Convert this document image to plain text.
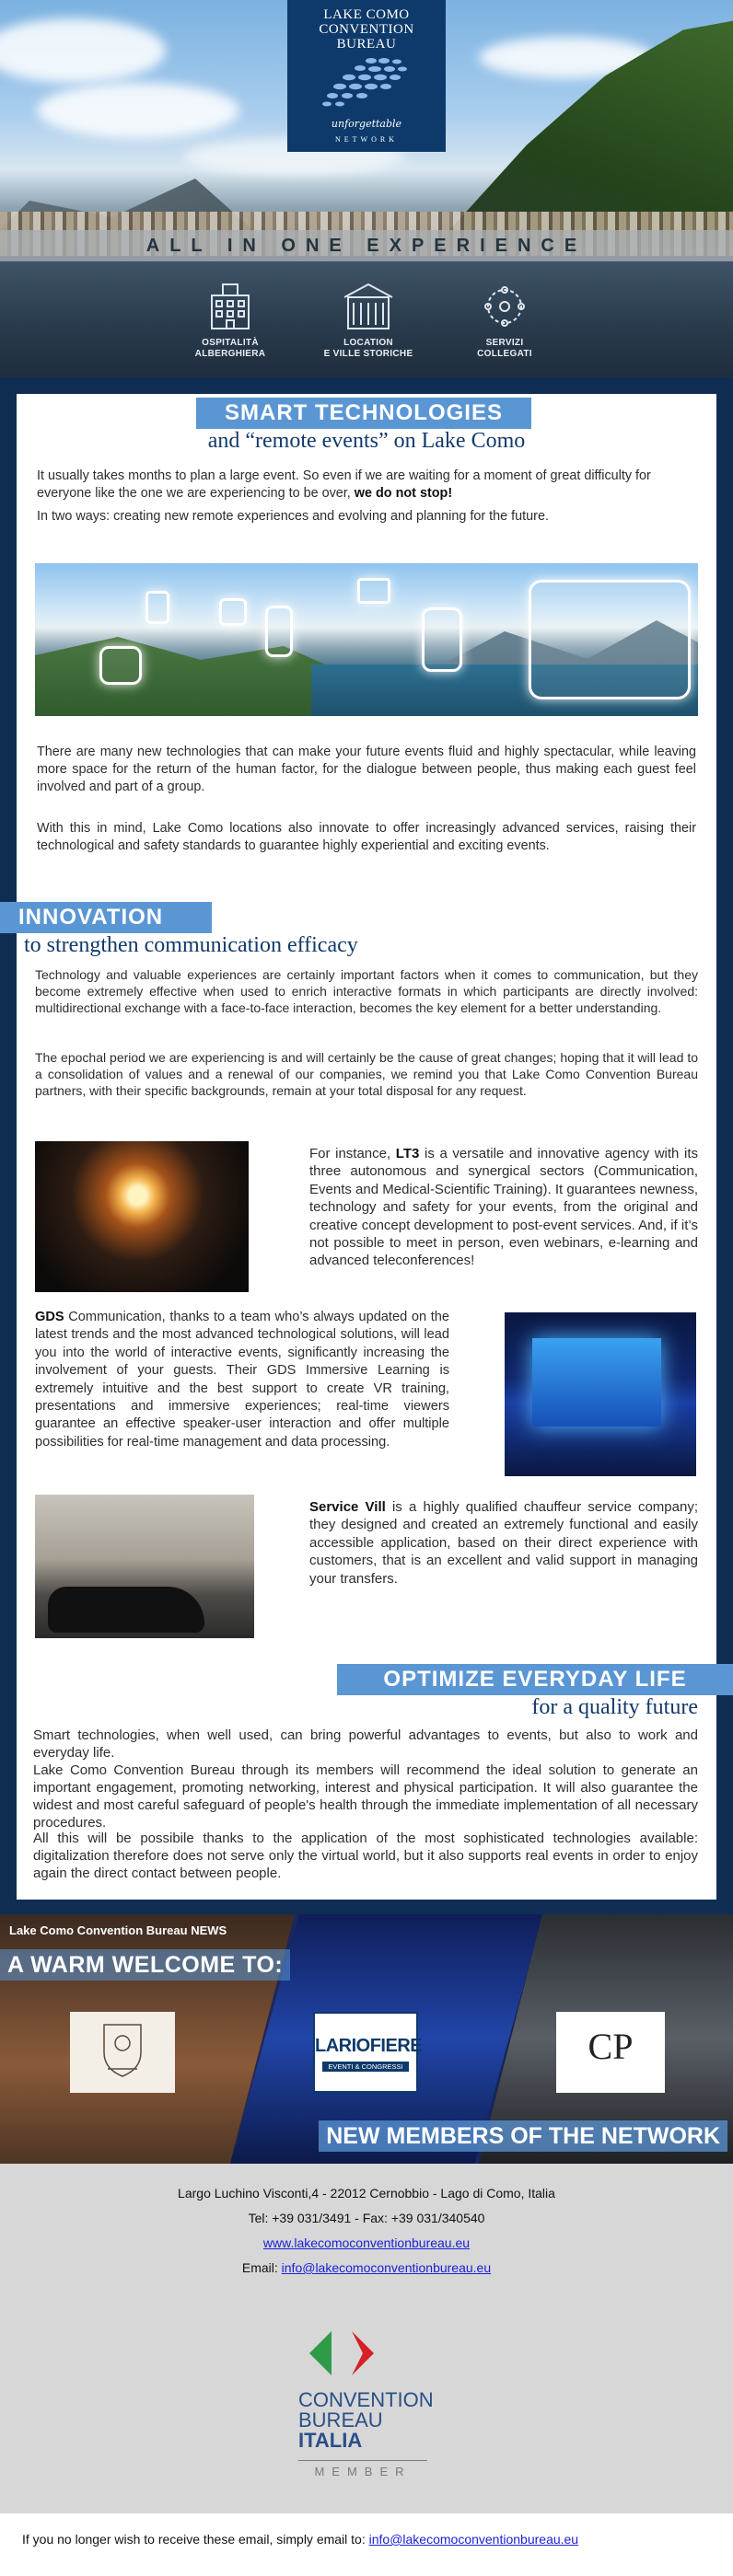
ALL IN ONE EXPERIENCE
LAKE COMO
CONVENTION
BUREAU
unforgettable
NETWORK
OSPITALITÀ
ALBERGHIERA
LOCATION
E VILLE STORICHE
SERVIZI
COLLEGATI
SMART TECHNOLOGIES
and “remote events” on Lake Como
It usually takes months to plan a large event. So even if we are waiting for a moment of great difficulty for everyone like the one we are experiencing to be over, we do not stop!
In two ways: creating new remote experiences and evolving and planning for the future.
There are many new technologies that can make your future events fluid and highly spectacular, while leaving more space for the return of the human factor, for the dialogue between people, thus making each guest feel involved and part of a group.
With this in mind, Lake Como locations also innovate to offer increasingly advanced services, raising their technological and safety standards to guarantee highly experiential and exciting events.
INNOVATION
to strengthen communication efficacy
Technology and valuable experiences are certainly important factors when it comes to communication, but they become extremely effective when used to enrich interactive formats in which participants are directly involved: multidirectional exchange with a face-to-face interaction, becomes the key element for a better understanding.
The epochal period we are experiencing is and will certainly be the cause of great changes; hoping that it will lead to a consolidation of values and a renewal of our companies, we remind you that Lake Como Convention Bureau partners, with their specific backgrounds, remain at your total disposal for any request.
For instance, LT3 is a versatile and innovative agency with its three autonomous and synergical sectors (Communication, Events and Medical-Scientific Training). It guarantees newness, technology and safety for your events, from the original and creative concept development to post-event services. And, if it’s not possible to meet in person, even webinars, e-learning and advanced teleconferences!
GDS Communication, thanks to a team who’s always updated on the latest trends and the most advanced technological solutions, will lead you into the world of interactive events, significantly increasing the involvement of your guests. Their GDS Immersive Learning is extremely intuitive and the best support to create VR training, presentations and immersive experiences; real-time viewers guarantee an effective speaker-user interaction and offer multiple possibilities for real-time management and data processing.
Service Vill is a highly qualified chauffeur service company; they designed and created an extremely functional and easily accessible application, based on their direct experience with customers, that is an excellent and valid support in managing your transfers.
OPTIMIZE EVERYDAY LIFE
for a quality future
Smart technologies, when well used, can bring powerful advantages to events, but also to work and everyday life.
Lake Como Convention Bureau through its members will recommend the ideal solution to generate an important engagement, promoting networking, interest and physical participation. It will also guarantee the widest and most careful safeguard of people's health through the immediate implementation of all necessary procedures.
All this will be possibile thanks to the application of the most sophisticated technologies available: digitalization therefore does not serve only the virtual world, but it also supports real events in order to enjoy again the direct contact between people.
Lake Como Convention Bureau NEWS
A WARM WELCOME TO:
LARIOFIERE
EVENTI & CONGRESSI	CP
NEW MEMBERS OF THE NETWORK
Largo Luchino Visconti,4 - 22012 Cernobbio - Lago di Como, Italia
Tel: +39 031/3491 - Fax: +39 031/340540
www.lakecomoconventionbureau.eu
Email: info@lakecomoconventionbureau.eu
CONVENTION
BUREAU
ITALIA
MEMBER
If you no longer wish to receive these email, simply email to: info@lakecomoconventionbureau.eu
